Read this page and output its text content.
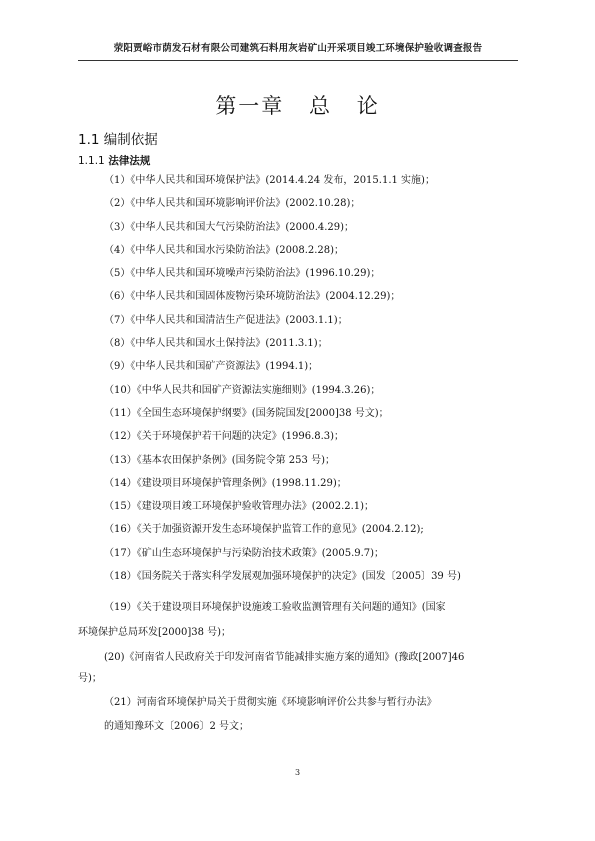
荥阳贾峪市荫发石材有限公司建筑石料用灰岩矿山开采项目竣工环境保护验收调查报告
第一章 总 论
1.1 编制依据
1.1.1 法律法规
（1）《中华人民共和国环境保护法》(2014.4.24 发布，2015.1.1 实施)；
（2）《中华人民共和国环境影响评价法》(2002.10.28)；
（3）《中华人民共和国大气污染防治法》(2000.4.29)；
（4）《中华人民共和国水污染防治法》(2008.2.28)；
（5）《中华人民共和国环境噪声污染防治法》(1996.10.29)；
（6）《中华人民共和国固体废物污染环境防治法》(2004.12.29)；
（7）《中华人民共和国清洁生产促进法》(2003.1.1)；
（8）《中华人民共和国水土保持法》(2011.3.1)；
（9）《中华人民共和国矿产资源法》(1994.1)；
（10）《中华人民共和国矿产资源法实施细则》(1994.3.26)；
（11）《全国生态环境保护纲要》(国务院国发[2000]38 号文)；
（12）《关于环境保护若干问题的决定》(1996.8.3)；
（13）《基本农田保护条例》(国务院令第 253 号)；
（14）《建设项目环境保护管理条例》(1998.11.29)；
（15）《建设项目竣工环境保护验收管理办法》(2002.2.1)；
（16）《关于加强资源开发生态环境保护监管工作的意见》(2004.2.12);
（17）《矿山生态环境保护与污染防治技术政策》(2005.9.7)；
（18）《国务院关于落实科学发展观加强环境保护的决定》(国发〔2005〕39 号)
（19）《关于建设项目环境保护设施竣工验收监测管理有关问题的通知》(国家
环境保护总局环发[2000]38 号)；
(20)《河南省人民政府关于印发河南省节能减排实施方案的通知》(豫政[2007]46
号)；
（21）河南省环境保护局关于贯彻实施《环境影响评价公共参与暂行办法》
的通知豫环文〔2006〕2 号文；
3
